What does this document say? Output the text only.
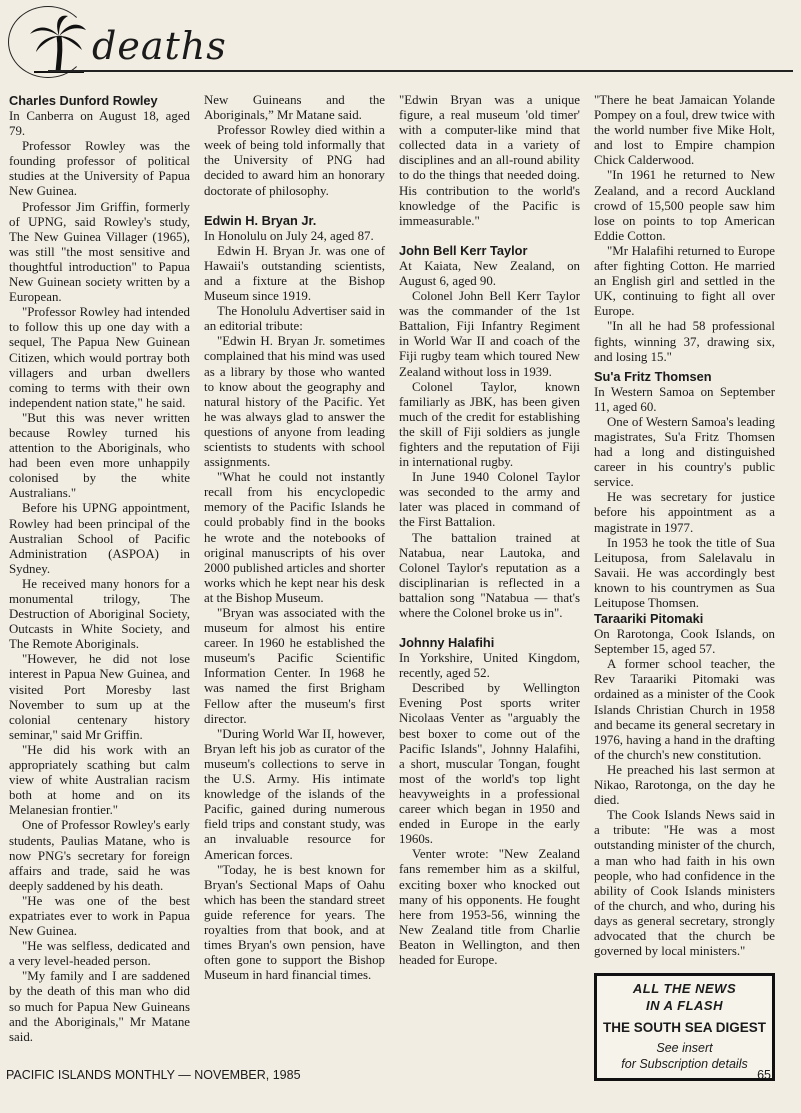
deaths
Charles Dunford Rowley

In Canberra on August 18, aged 79.

Professor Rowley was the founding professor of political studies at the University of Papua New Guinea.

Professor Jim Griffin, formerly of UPNG, said Rowley's study, The New Guinea Villager (1965), was still "the most sensitive and thoughtful introduction" to Papua New Guinean society written by a European.

"Professor Rowley had intended to follow this up one day with a sequel, The Papua New Guinean Citizen, which would portray both villagers and urban dwellers coming to terms with their own independent nation state," he said.

"But this was never written because Rowley turned his attention to the Aboriginals, who had been even more unhappily colonised by the white Australians."

Before his UPNG appointment, Rowley had been principal of the Australian School of Pacific Administration (ASPOA) in Sydney.

He received many honors for a monumental trilogy, The Destruction of Aboriginal Society, Outcasts in White Society, and The Remote Aboriginals.

"However, he did not lose interest in Papua New Guinea, and visited Port Moresby last November to sum up at the colonial centenary history seminar," said Mr Griffin.

"He did his work with an appropriately scathing but calm view of white Australian racism both at home and on its Melanesian frontier."

One of Professor Rowley's early students, Paulias Matane, who is now PNG's secretary for foreign affairs and trade, said he was deeply saddened by his death.

"He was one of the best expatriates ever to work in Papua New Guinea.

"He was selfless, dedicated and a very level-headed person.

"My family and I are saddened by the death of this man who did so much for Papua New Guineans and the Aboriginals," Mr Matane said.

New Guineans and the Aboriginals,” Mr Matane said.

Professor Rowley died within a week of being told informally that the University of PNG had decided to award him an honorary doctorate of philosophy.

Edwin H. Bryan Jr.

In Honolulu on July 24, aged 87.

Edwin H. Bryan Jr. was one of Hawaii's outstanding scientists, and a fixture at the Bishop Museum since 1919.

The Honolulu Advertiser said in an editorial tribute:

"Edwin H. Bryan Jr. sometimes complained that his mind was used as a library by those who wanted to know about the geography and natural history of the Pacific. Yet he was always glad to answer the questions of anyone from leading scientists to students with school assignments.

"What he could not instantly recall from his encyclopedic memory of the Pacific Islands he could probably find in the books he wrote and the notebooks of original manuscripts of his over 2000 published articles and shorter works which he kept near his desk at the Bishop Museum.

"Bryan was associated with the museum for almost his entire career. In 1960 he established the museum's Pacific Scientific Information Center. In 1968 he was named the first Brigham Fellow after the museum's first director.

"During World War II, however, Bryan left his job as curator of the museum's collections to serve in the U.S. Army. His intimate knowledge of the islands of the Pacific, gained during numerous field trips and constant study, was an invaluable resource for American forces.

"Today, he is best known for Bryan's Sectional Maps of Oahu which has been the standard street guide reference for years. The royalties from that book, and at times Bryan's own pension, have often gone to support the Bishop Museum in hard financial times.

"Edwin Bryan was a unique figure, a real museum 'old timer' with a computer-like mind that collected data in a variety of disciplines and an all-round ability to do the things that needed doing. His contribution to the world's knowledge of the Pacific is immeasurable."

John Bell Kerr Taylor

At Kaiata, New Zealand, on August 6, aged 90.

Colonel John Bell Kerr Taylor was the commander of the 1st Battalion, Fiji Infantry Regiment in World War II and coach of the Fiji rugby team which toured New Zealand without loss in 1939.

Colonel Taylor, known familiarly as JBK, has been given much of the credit for establishing the skill of Fiji soldiers as jungle fighters and the reputation of Fiji in international rugby.

In June 1940 Colonel Taylor was seconded to the army and later was placed in command of the First Battalion.

The battalion trained at Natabua, near Lautoka, and Colonel Taylor's reputation as a disciplinarian is reflected in a battalion song "Natabua — that's where the Colonel broke us in".

Johnny Halafihi

In Yorkshire, United Kingdom, recently, aged 52.

Described by Wellington Evening Post sports writer Nicolaas Venter as "arguably the best boxer to come out of the Pacific Islands", Johnny Halafihi, a short, muscular Tongan, fought most of the world's top light heavyweights in a professional career which began in 1950 and ended in Europe in the early 1960s.

Venter wrote: "New Zealand fans remember him as a skilful, exciting boxer who knocked out many of his opponents. He fought here from 1953-56, winning the New Zealand title from Charlie Beaton in Wellington, and then headed for Europe.

"There he beat Jamaican Yolande Pompey on a foul, drew twice with the world number five Mike Holt, and lost to Empire champion Chick Calderwood.

"In 1961 he returned to New Zealand, and a record Auckland crowd of 15,500 people saw him lose on points to top American Eddie Cotton.

"Mr Halafihi returned to Europe after fighting Cotton. He married an English girl and settled in the UK, continuing to fight all over Europe.

"In all he had 58 professional fights, winning 37, drawing six, and losing 15."

Su'a Fritz Thomsen

In Western Samoa on September 11, aged 60.

One of Western Samoa's leading magistrates, Su'a Fritz Thomsen had a long and distinguished career in his country's public service.

He was secretary for justice before his appointment as a magistrate in 1977.

In 1953 he took the title of Sua Leituposa, from Salelavalu in Savaii. He was accordingly best known to his countrymen as Sua Leitupose Thomsen.

Taraariki Pitomaki

On Rarotonga, Cook Islands, on September 15, aged 57.

A former school teacher, the Rev Taraariki Pitomaki was ordained as a minister of the Cook Islands Christian Church in 1958 and became its general secretary in 1976, having a hand in the drafting of the church's new constitution.

He preached his last sermon at Nikao, Rarotonga, on the day he died.

The Cook Islands News said in a tribute: "He was a most outstanding minister of the church, a man who had faith in his own people, who had confidence in the ability of Cook Islands ministers of the church, and who, during his days as general secretary, strongly advocated that the church be governed by local ministers."

ALL THE NEWS
IN A FLASH
THE SOUTH SEA DIGEST
See insert
for Subscription details
PACIFIC ISLANDS MONTHLY — NOVEMBER, 1985	65
